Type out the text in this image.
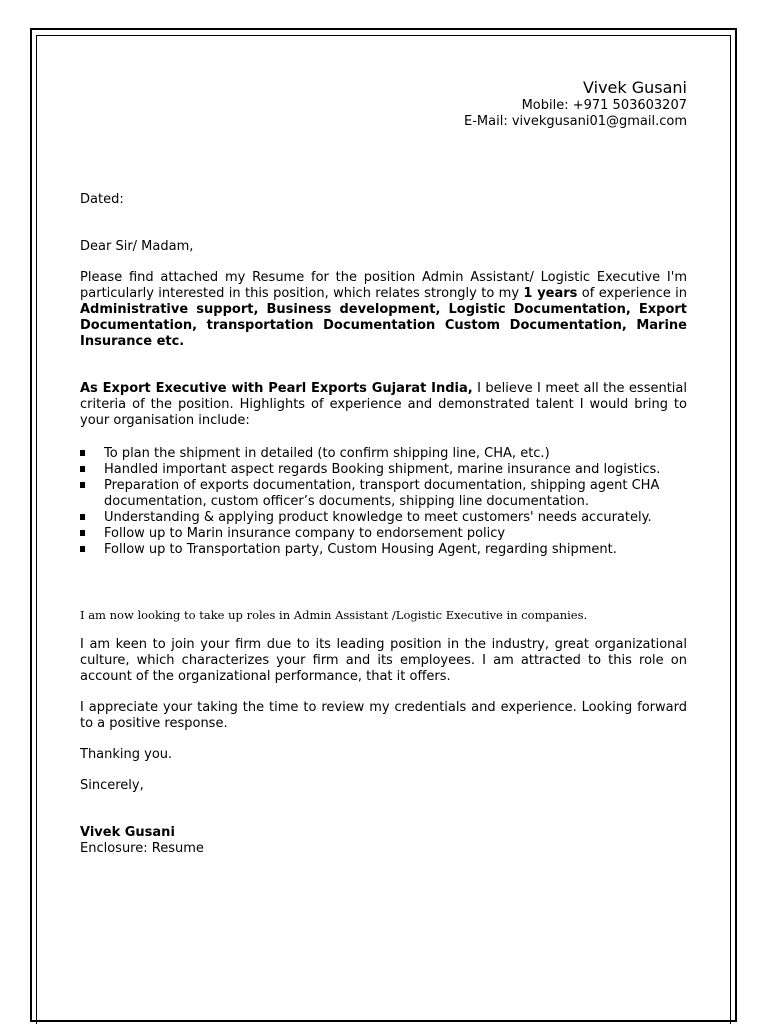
Vivek Gusani
Mobile: +971 503603207
E-Mail: vivekgusani01@gmail.com

Dated:

Dear Sir/ Madam,

Please find attached my Resume for the position Admin Assistant/ Logistic Executive I'm particularly interested in this position, which relates strongly to my 1 years of experience in Administrative support, Business development, Logistic Documentation, Export Documentation, transportation Documentation Custom Documentation, Marine Insurance etc.

As Export Executive with Pearl Exports Gujarat India, I believe I meet all the essential criteria of the position. Highlights of experience and demonstrated talent I would bring to your organisation include:

To plan the shipment in detailed (to confirm shipping line, CHA, etc.)
Handled important aspect regards Booking shipment, marine insurance and logistics.
Preparation of exports documentation, transport documentation, shipping agent CHA documentation, custom officer’s documents, shipping line documentation.
Understanding & applying product knowledge to meet customers' needs accurately.
Follow up to Marin insurance company to endorsement policy
Follow up to Transportation party, Custom Housing Agent, regarding shipment.

I am now looking to take up roles in Admin Assistant /Logistic Executive in companies.

I am keen to join your firm due to its leading position in the industry, great organizational culture, which characterizes your firm and its employees. I am attracted to this role on account of the organizational performance, that it offers.

I appreciate your taking the time to review my credentials and experience. Looking forward to a positive response.

Thanking you.

Sincerely,

Vivek Gusani

Enclosure: Resume
